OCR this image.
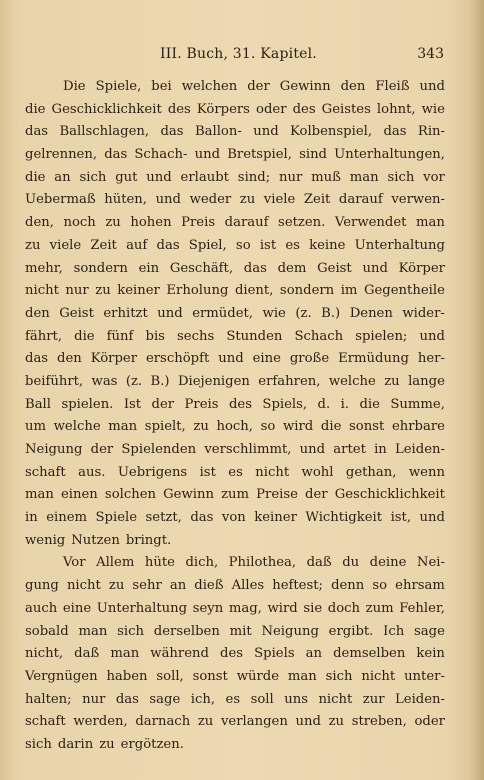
III. Buch, 31. Kapitel.	343
Die Spiele, bei welchen der Gewinn den Fleiß und
die Geschicklichkeit des Körpers oder des Geistes lohnt, wie
das Ballschlagen, das Ballon- und Kolbenspiel, das Rin-
gelrennen, das Schach- und Bretspiel, sind Unterhaltungen,
die an sich gut und erlaubt sind; nur muß man sich vor
Uebermaß hüten, und weder zu viele Zeit darauf verwen-
den, noch zu hohen Preis darauf setzen. Verwendet man
zu viele Zeit auf das Spiel, so ist es keine Unterhaltung
mehr, sondern ein Geschäft, das dem Geist und Körper
nicht nur zu keiner Erholung dient, sondern im Gegentheile
den Geist erhitzt und ermüdet, wie (z. B.) Denen wider-
fährt, die fünf bis sechs Stunden Schach spielen; und
das den Körper erschöpft und eine große Ermüdung her-
beiführt, was (z. B.) Diejenigen erfahren, welche zu lange
Ball spielen. Ist der Preis des Spiels, d. i. die Summe,
um welche man spielt, zu hoch, so wird die sonst ehrbare
Neigung der Spielenden verschlimmt, und artet in Leiden-
schaft aus. Uebrigens ist es nicht wohl gethan, wenn
man einen solchen Gewinn zum Preise der Geschicklichkeit
in einem Spiele setzt, das von keiner Wichtigkeit ist, und
wenig Nutzen bringt.
Vor Allem hüte dich, Philothea, daß du deine Nei-
gung nicht zu sehr an dieß Alles heftest; denn so ehrsam
auch eine Unterhaltung seyn mag, wird sie doch zum Fehler,
sobald man sich derselben mit Neigung ergibt. Ich sage
nicht, daß man während des Spiels an demselben kein
Vergnügen haben soll, sonst würde man sich nicht unter-
halten; nur das sage ich, es soll uns nicht zur Leiden-
schaft werden, darnach zu verlangen und zu streben, oder
sich darin zu ergötzen.
